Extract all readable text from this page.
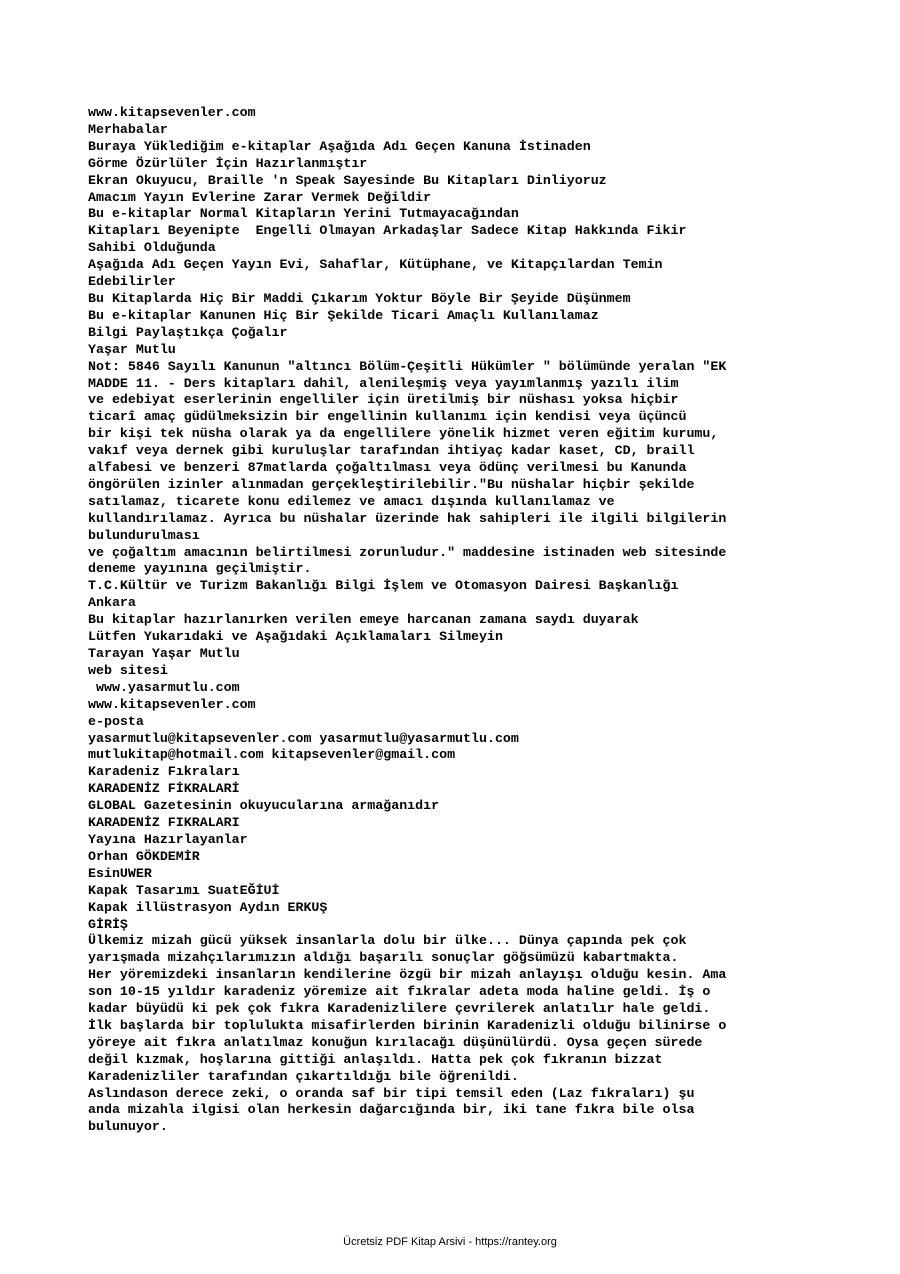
www.kitapsevenler.com
Merhabalar
Buraya Yüklediğim e-kitaplar Aşağıda Adı Geçen Kanuna İstinaden
Görme Özürlüler İçin Hazırlanmıştır
Ekran Okuyucu, Braille 'n Speak Sayesinde Bu Kitapları Dinliyoruz
Amacım Yayın Evlerine Zarar Vermek Değildir
Bu e-kitaplar Normal Kitapların Yerini Tutmayacağından
Kitapları Beyenipte  Engelli Olmayan Arkadaşlar Sadece Kitap Hakkında Fikir
Sahibi Olduğunda
Aşağıda Adı Geçen Yayın Evi, Sahaflar, Kütüphane, ve Kitapçılardan Temin
Edebilirler
Bu Kitaplarda Hiç Bir Maddi Çıkarım Yoktur Böyle Bir Şeyide Düşünmem
Bu e-kitaplar Kanunen Hiç Bir Şekilde Ticari Amaçlı Kullanılamaz
Bilgi Paylaştıkça Çoğalır
Yaşar Mutlu
Not: 5846 Sayılı Kanunun "altıncı Bölüm-Çeşitli Hükümler " bölümünde yeralan "EK
MADDE 11. - Ders kitapları dahil, alenileşmiş veya yayımlanmış yazılı ilim
ve edebiyat eserlerinin engelliler için üretilmiş bir nüshası yoksa hiçbir
ticarî amaç güdülmeksizin bir engellinin kullanımı için kendisi veya üçüncü
bir kişi tek nüsha olarak ya da engellilere yönelik hizmet veren eğitim kurumu,
vakıf veya dernek gibi kuruluşlar tarafından ihtiyaç kadar kaset, CD, braill
alfabesi ve benzeri 87matlarda çoğaltılması veya ödünç verilmesi bu Kanunda
öngörülen izinler alınmadan gerçekleştirilebilir."Bu nüshalar hiçbir şekilde
satılamaz, ticarete konu edilemez ve amacı dışında kullanılamaz ve
kullandırılamaz. Ayrıca bu nüshalar üzerinde hak sahipleri ile ilgili bilgilerin
bulundurulması
ve çoğaltım amacının belirtilmesi zorunludur." maddesine istinaden web sitesinde
deneme yayınına geçilmiştir.
T.C.Kültür ve Turizm Bakanlığı Bilgi İşlem ve Otomasyon Dairesi Başkanlığı
Ankara
Bu kitaplar hazırlanırken verilen emeye harcanan zamana saydı duyarak
Lütfen Yukarıdaki ve Aşağıdaki Açıklamaları Silmeyin
Tarayan Yaşar Mutlu
web sitesi
www.yasarmutlu.com
www.kitapsevenler.com
e-posta
yasarmutlu@kitapsevenler.com yasarmutlu@yasarmutlu.com
mutlukitap@hotmail.com kitapsevenler@gmail.com
Karadeniz Fıkraları
KARADENİZ FİKRALARİ
GLOBAL Gazetesinin okuyucularına armağanıdır
KARADENİZ FIKRALARI
Yayına Hazırlayanlar
Orhan GÖKDEMİR
EsinUWER
Kapak Tasarımı SuatEĞİUİ
Kapak illüstrasyon Aydın ERKUŞ
GİRİŞ
Ülkemiz mizah gücü yüksek insanlarla dolu bir ülke... Dünya çapında pek çok
yarışmada mizahçılarımızın aldığı başarılı sonuçlar göğsümüzü kabartmakta.
Her yöremizdeki insanların kendilerine özgü bir mizah anlayışı olduğu kesin. Ama
son 10-15 yıldır karadeniz yöremize ait fıkralar adeta moda haline geldi. İş o
kadar büyüdü ki pek çok fıkra Karadenizlilere çevrilerek anlatılır hale geldi.
İlk başlarda bir toplulukta misafirlerden birinin Karadenizli olduğu bilinirse o
yöreye ait fıkra anlatılmaz konuğun kırılacağı düşünülürdü. Oysa geçen sürede
değil kızmak, hoşlarına gittiği anlaşıldı. Hatta pek çok fıkranın bizzat
Karadenizliler tarafından çıkartıldığı bile öğrenildi.
Aslındason derece zeki, o oranda saf bir tipi temsil eden (Laz fıkraları) şu
anda mizahla ilgisi olan herkesin dağarcığında bir, iki tane fıkra bile olsa
bulunuyor.
Ücretsiz PDF Kitap Arsivi - https://rantey.org
